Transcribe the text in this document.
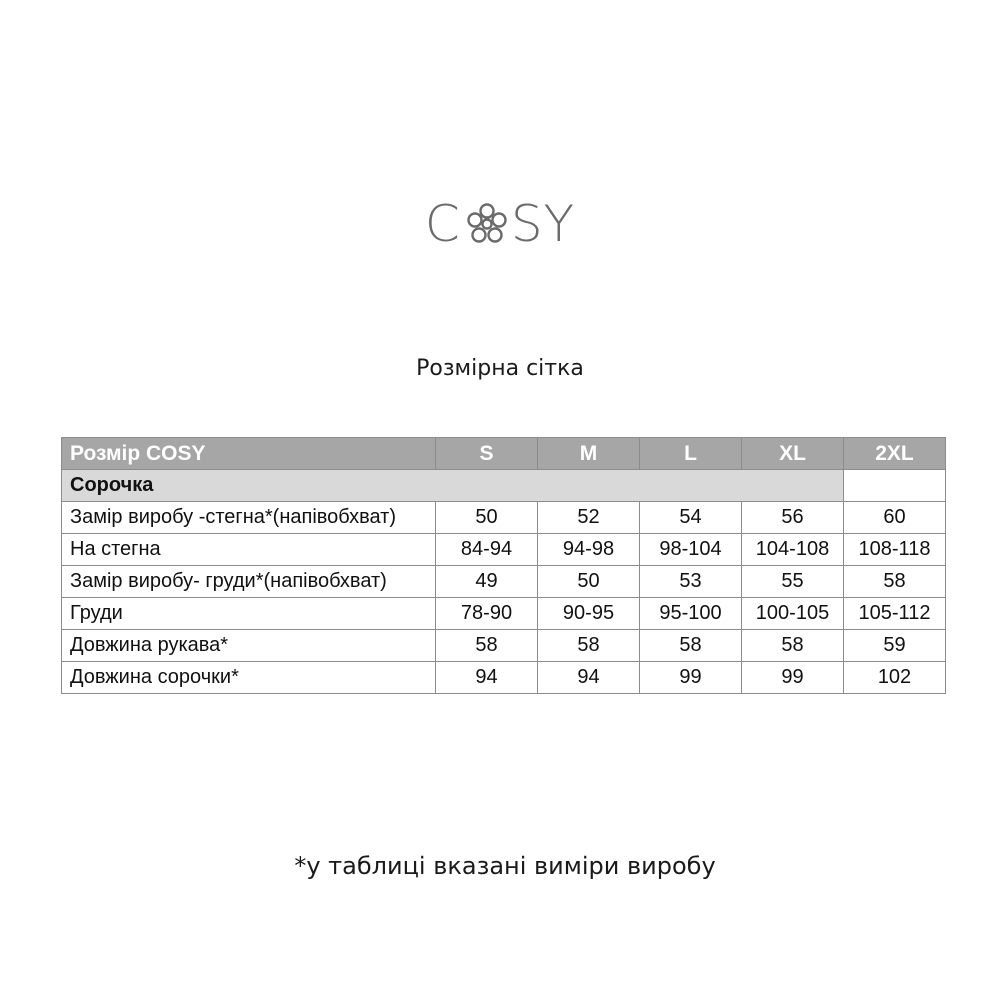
C SY
Розмірна сітка
Розмір COSY	S	M	L	XL	2XL
Сорочка					
Замір виробу -стегна*(напівобхват)	50	52	54	56	60
На стегна	84-94	94-98	98-104	104-108	108-118
Замір виробу- груди*(напівобхват)	49	50	53	55	58
Груди	78-90	90-95	95-100	100-105	105-112
Довжина рукава*	58	58	58	58	59
Довжина сорочки*	94	94	99	99	102
*у таблиці вказані виміри виробу
